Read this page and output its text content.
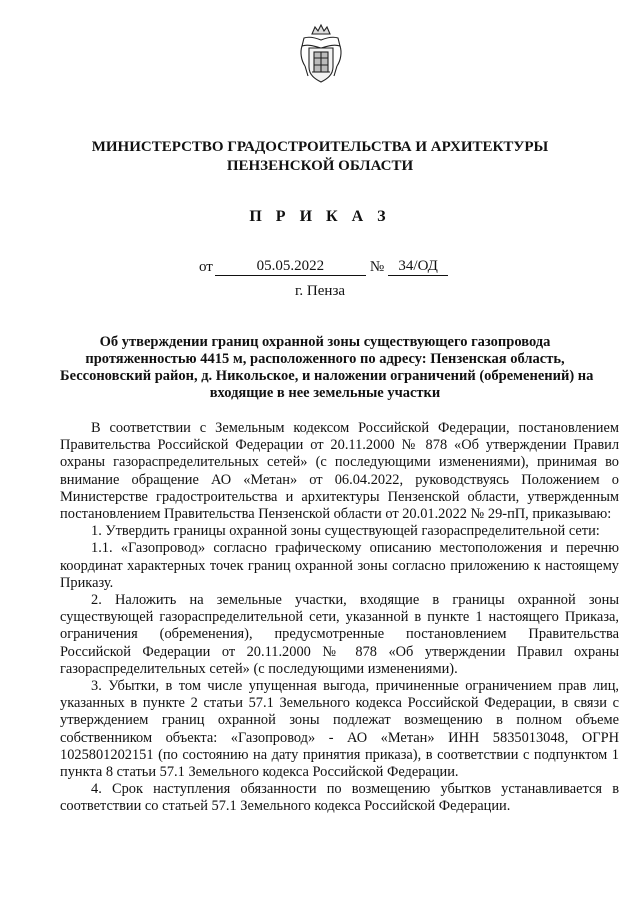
МИНИСТЕРСТВО ГРАДОСТРОИТЕЛЬСТВА И АРХИТЕКТУРЫ
ПЕНЗЕНСКОЙ ОБЛАСТИ
П Р И К А З
от	05.05.2022	№ 34/ОД
г. Пенза
Об утверждении границ охранной зоны существующего газопровода
протяженностью 4415 м, расположенного по адресу: Пензенская область,
Бессоновский район, д. Никольское, и наложении ограничений (обременений) на
входящие в нее земельные участки

В соответствии с Земельным кодексом Российской Федерации, постановлением Правительства Российской Федерации от 20.11.2000 № 878 «Об утверждении Правил охраны газораспределительных сетей» (с последующими изменениями), принимая во внимание обращение АО «Метан» от 06.04.2022, руководствуясь Положением о Министерстве градостроительства и архитектуры Пензенской области, утвержденным постановлением Правительства Пензенской области от 20.01.2022 № 29-пП, приказываю:

1. Утвердить границы охранной зоны существующей газораспределительной сети:

1.1. «Газопровод» согласно графическому описанию местоположения и перечню координат характерных точек границ охранной зоны согласно приложению к настоящему Приказу.

2. Наложить на земельные участки, входящие в границы охранной зоны существующей газораспределительной сети, указанной в пункте 1 настоящего Приказа, ограничения (обременения), предусмотренные постановлением Правительства Российской Федерации от 20.11.2000 № 878 «Об утверждении Правил охраны газораспределительных сетей» (с последующими изменениями).

3. Убытки, в том числе упущенная выгода, причиненные ограничением прав лиц, указанных в пункте 2 статьи 57.1 Земельного кодекса Российской Федерации, в связи с утверждением границ охранной зоны подлежат возмещению в полном объеме собственником объекта: «Газопровод» - АО «Метан» ИНН 5835013048, ОГРН 1025801202151 (по состоянию на дату принятия приказа), в соответствии с подпунктом 1 пункта 8 статьи 57.1 Земельного кодекса Российской Федерации.

4. Срок наступления обязанности по возмещению убытков устанавливается в соответствии со статьей 57.1 Земельного кодекса Российской Федерации.
